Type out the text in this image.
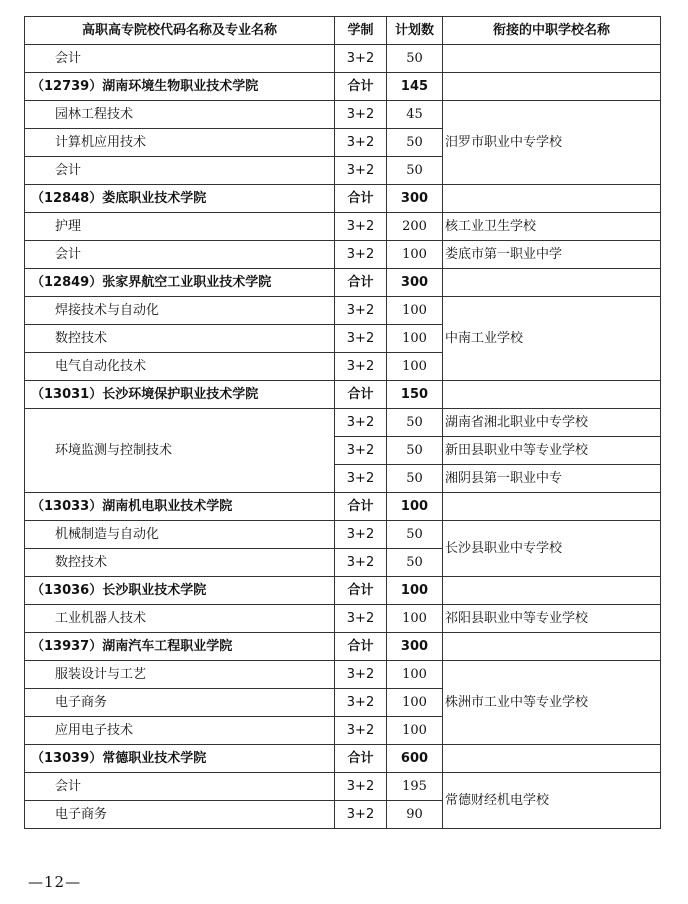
高职高专院校代码名称及专业名称	学制	计划数	衔接的中职学校名称
会计	3+2	50	
（12739）湖南环境生物职业技术学院	合计	145	
园林工程技术	3+2	45	汨罗市职业中专学校
计算机应用技术	3+2	50	
会计	3+2	50	
（12848）娄底职业技术学院	合计	300	
护理	3+2	200	核工业卫生学校
会计	3+2	100	娄底市第一职业中学
（12849）张家界航空工业职业技术学院	合计	300	
焊接技术与自动化	3+2	100	中南工业学校
数控技术	3+2	100	
电气自动化技术	3+2	100	
（13031）长沙环境保护职业技术学院	合计	150	
环境监测与控制技术	3+2	50	湖南省湘北职业中专学校
	3+2	50	新田县职业中等专业学校
	3+2	50	湘阴县第一职业中专
（13033）湖南机电职业技术学院	合计	100	
机械制造与自动化	3+2	50	长沙县职业中专学校
数控技术	3+2	50	
（13036）长沙职业技术学院	合计	100	
工业机器人技术	3+2	100	祁阳县职业中等专业学校
（13937）湖南汽车工程职业学院	合计	300	
服装设计与工艺	3+2	100	株洲市工业中等专业学校
电子商务	3+2	100	
应用电子技术	3+2	100	
（13039）常德职业技术学院	合计	600	
会计	3+2	195	常德财经机电学校
电子商务	3+2	90	
—12—
